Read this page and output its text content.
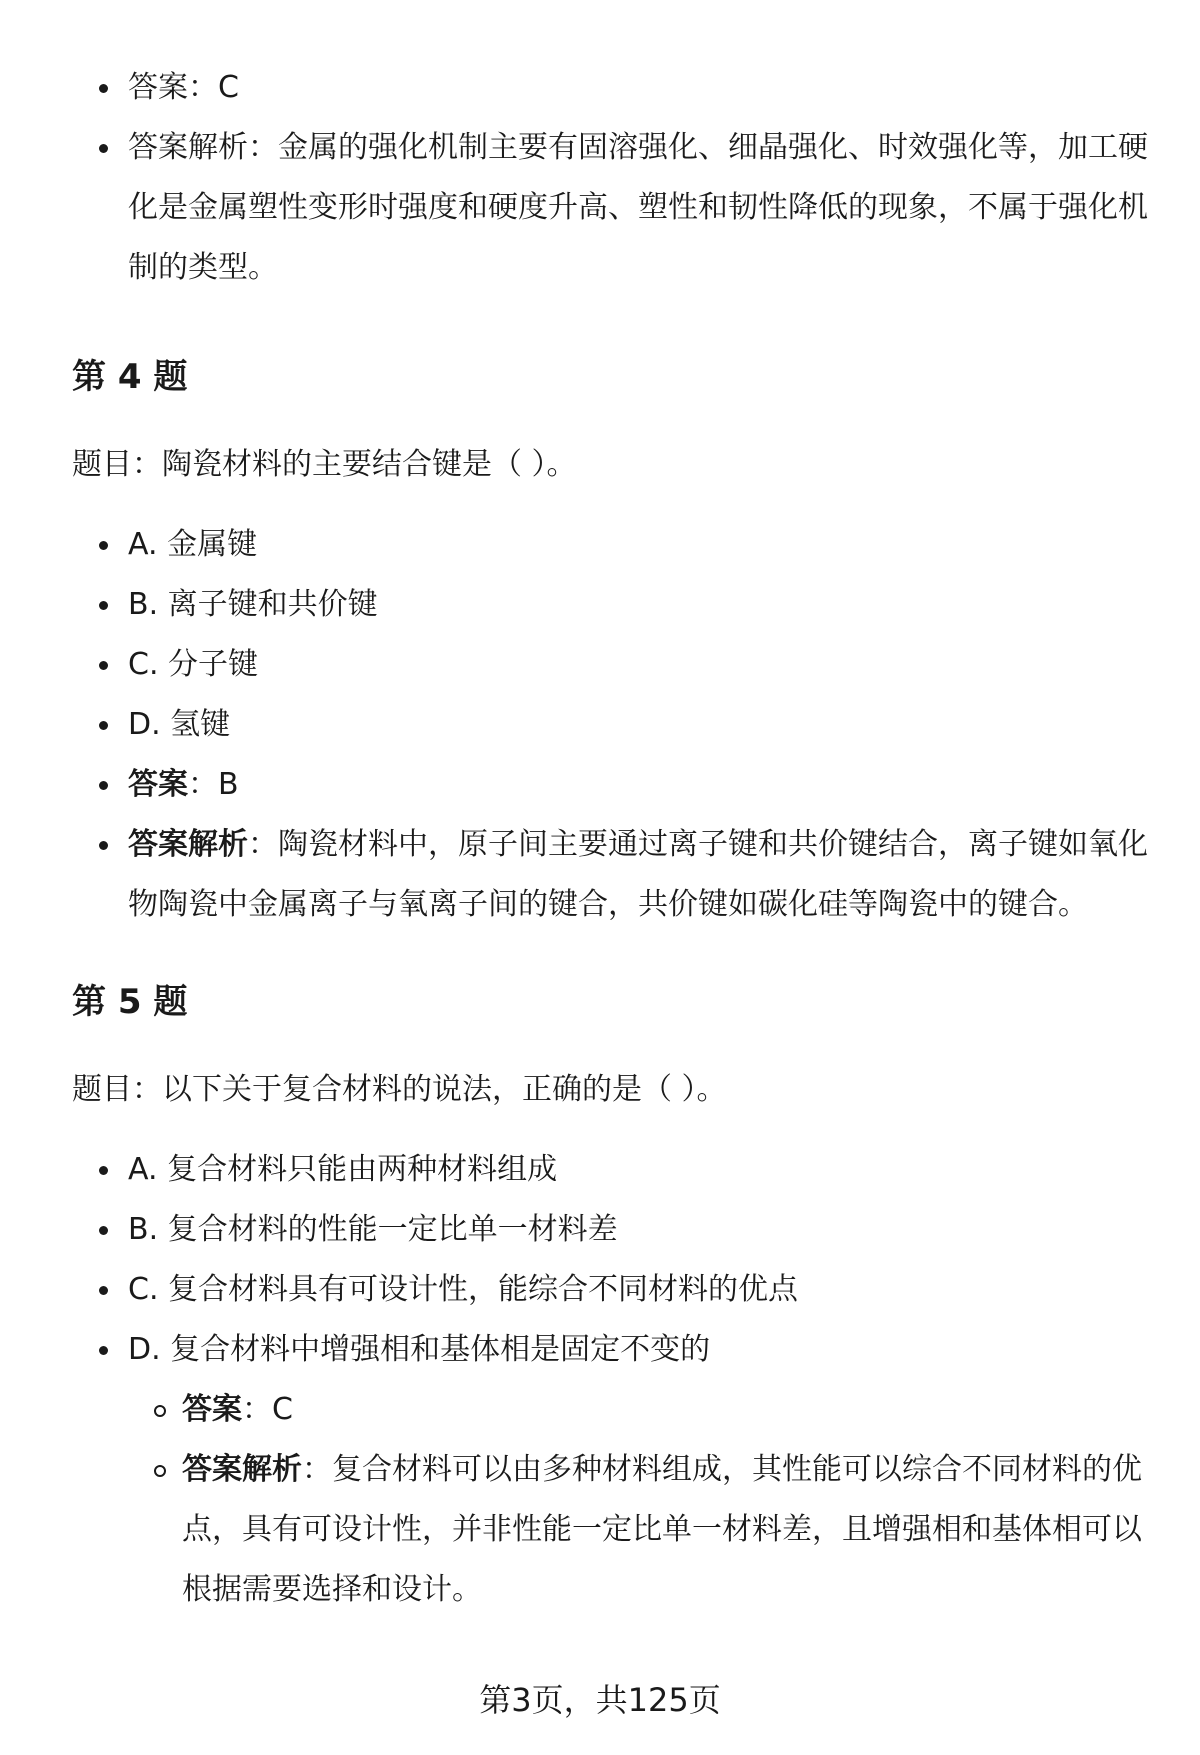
答案：C
答案解析：金属的强化机制主要有固溶强化、细晶强化、时效强化等，加工硬化是金属塑性变形时强度和硬度升高、塑性和韧性降低的现象，不属于强化机制的类型。
第 4 题

题目：陶瓷材料的主要结合键是（ ）。

A. 金属键
B. 离子键和共价键
C. 分子键
D. 氢键
答案：B
答案解析：陶瓷材料中，原子间主要通过离子键和共价键结合，离子键如氧化物陶瓷中金属离子与氧离子间的键合，共价键如碳化硅等陶瓷中的键合。
第 5 题

题目：以下关于复合材料的说法，正确的是（ ）。

A. 复合材料只能由两种材料组成
B. 复合材料的性能一定比单一材料差
C. 复合材料具有可设计性，能综合不同材料的优点
D. 复合材料中增强相和基体相是固定不变的
答案：C
答案解析：复合材料可以由多种材料组成，其性能可以综合不同材料的优点，具有可设计性，并非性能一定比单一材料差，且增强相和基体相可以根据需要选择和设计。
第3页，共125页
